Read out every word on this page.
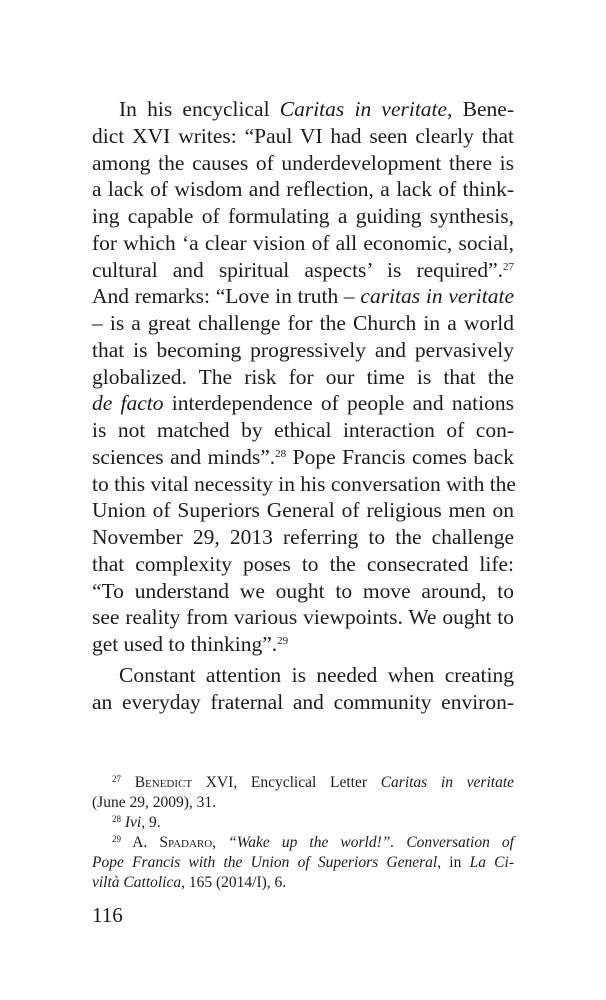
In his encyclical Caritas in veritate, Bene-
dict XVI writes: “Paul VI had seen clearly that
among the causes of underdevelopment there is
a lack of wisdom and reflection, a lack of think-
ing capable of formulating a guiding synthesis,
for which ‘a clear vision of all economic, social,
cultural and spiritual aspects’ is required”.$^{27}$
And remarks: “Love in truth – caritas in veritate
– is a great challenge for the Church in a world
that is becoming progressively and pervasively
globalized. The risk for our time is that the
de facto interdependence of people and nations
is not matched by ethical interaction of con-
sciences and minds”.$^{28}$ Pope Francis comes back
to this vital necessity in his conversation with the
Union of Superiors General of religious men on
November 29, 2013 referring to the challenge
that complexity poses to the consecrated life:
“To understand we ought to move around, to
see reality from various viewpoints. We ought to
get used to thinking”.$^{29}$
Constant attention is needed when creating
an everyday fraternal and community environ-
$^{27}$ Benedict XVI, Encyclical Letter Caritas in veritate
(June 29, 2009), 31.
$^{28}$ Ivi, 9.
$^{29}$ A. Spadaro, “Wake up the world!”. Conversation of
Pope Francis with the Union of Superiors General, in La Ci-
viltà Cattolica, 165 (2014/I), 6.
116
